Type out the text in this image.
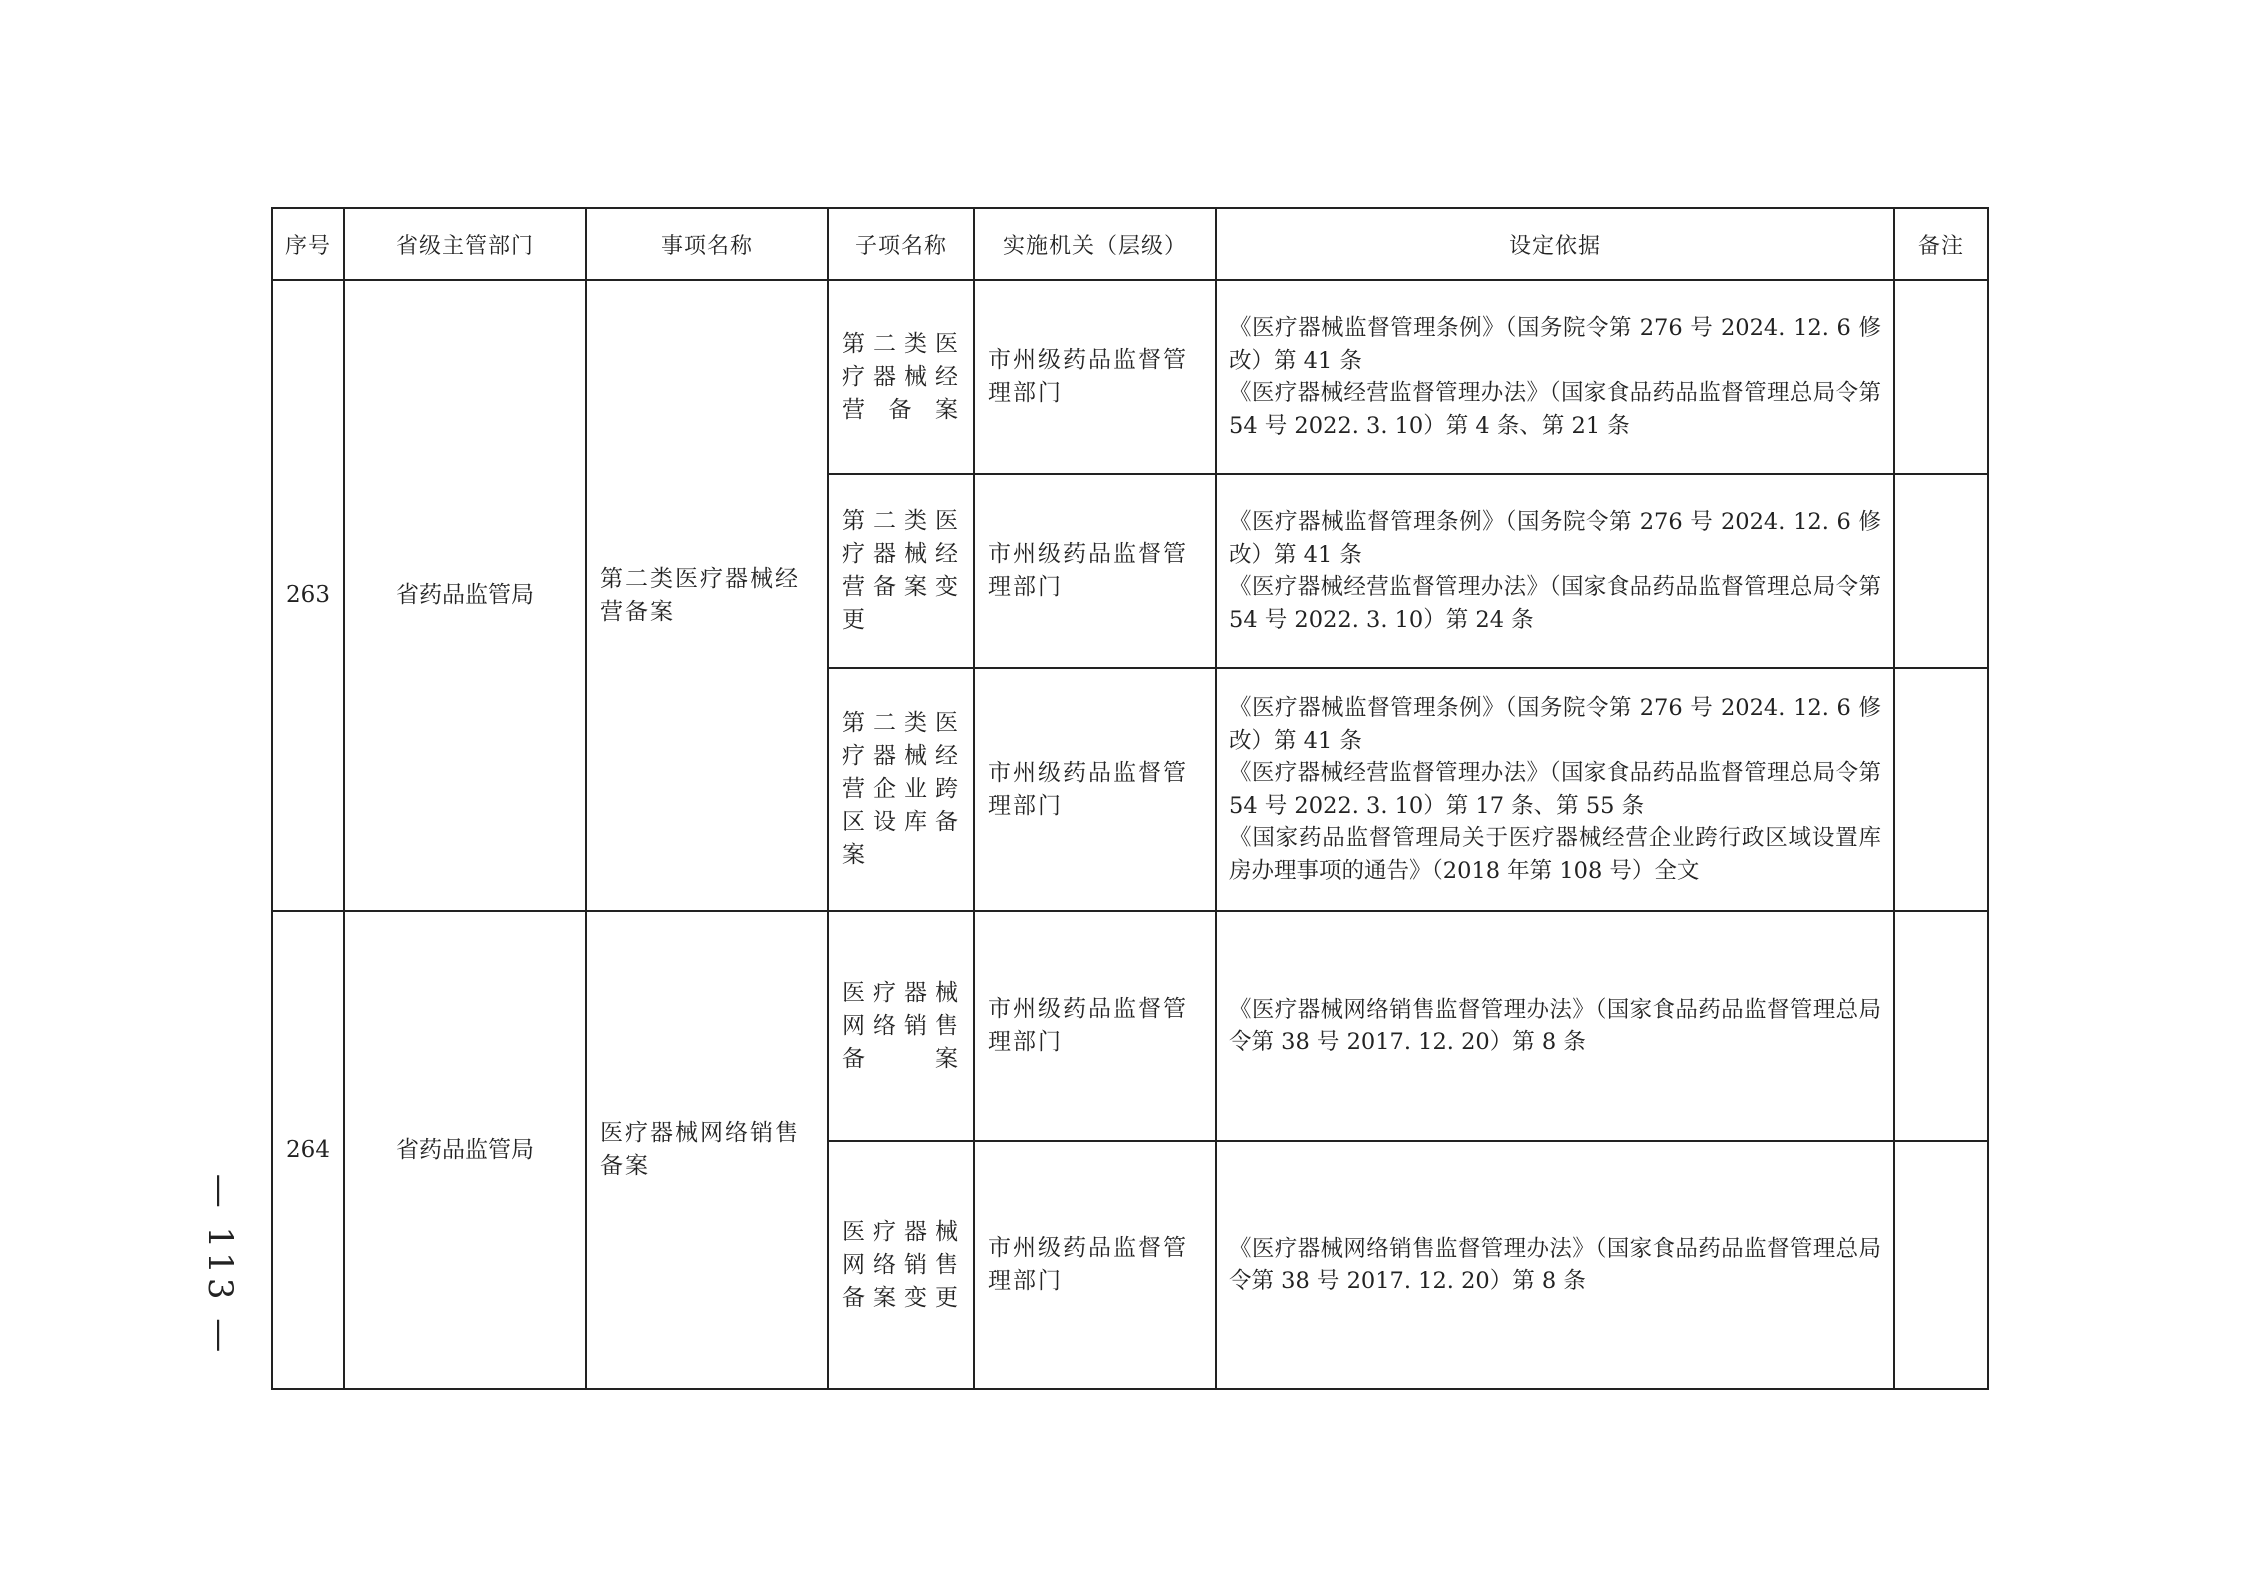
序号	省级主管部门	事项名称	子项名称	实施机关（层级）	设定依据	备注
263	省药品监管局	第二类医疗器械经营备案	第二类医疗器械经营备案	市州级药品监督管理部门	《医疗器械监督管理条例》（国务院令第 276 号 2024. 12. 6 修改）第 41 条
《医疗器械经营监督管理办法》（国家食品药品监督管理总局令第 54 号 2022. 3. 10）第 4 条、第 21 条	

			第二类医疗器械经营备案变更	市州级药品监督管理部门	《医疗器械监督管理条例》（国务院令第 276 号 2024. 12. 6 修改）第 41 条
《医疗器械经营监督管理办法》（国家食品药品监督管理总局令第 54 号 2022. 3. 10）第 24 条	

			第二类医疗器械经营企业跨区设库备案	市州级药品监督管理部门	《医疗器械监督管理条例》（国务院令第 276 号 2024. 12. 6 修改）第 41 条
《医疗器械经营监督管理办法》（国家食品药品监督管理总局令第 54 号 2022. 3. 10）第 17 条、第 55 条
《国家药品监督管理局关于医疗器械经营企业跨行政区域设置库房办理事项的通告》（2018 年第 108 号）全文	

264	省药品监管局	医疗器械网络销售备案	医疗器械网络销售备案	市州级药品监督管理部门	《医疗器械网络销售监督管理办法》（国家食品药品监督管理总局令第 38 号 2017. 12. 20）第 8 条	

			医疗器械网络销售备案变更	市州级药品监督管理部门	《医疗器械网络销售监督管理办法》（国家食品药品监督管理总局令第 38 号 2017. 12. 20）第 8 条	

— 113 —
